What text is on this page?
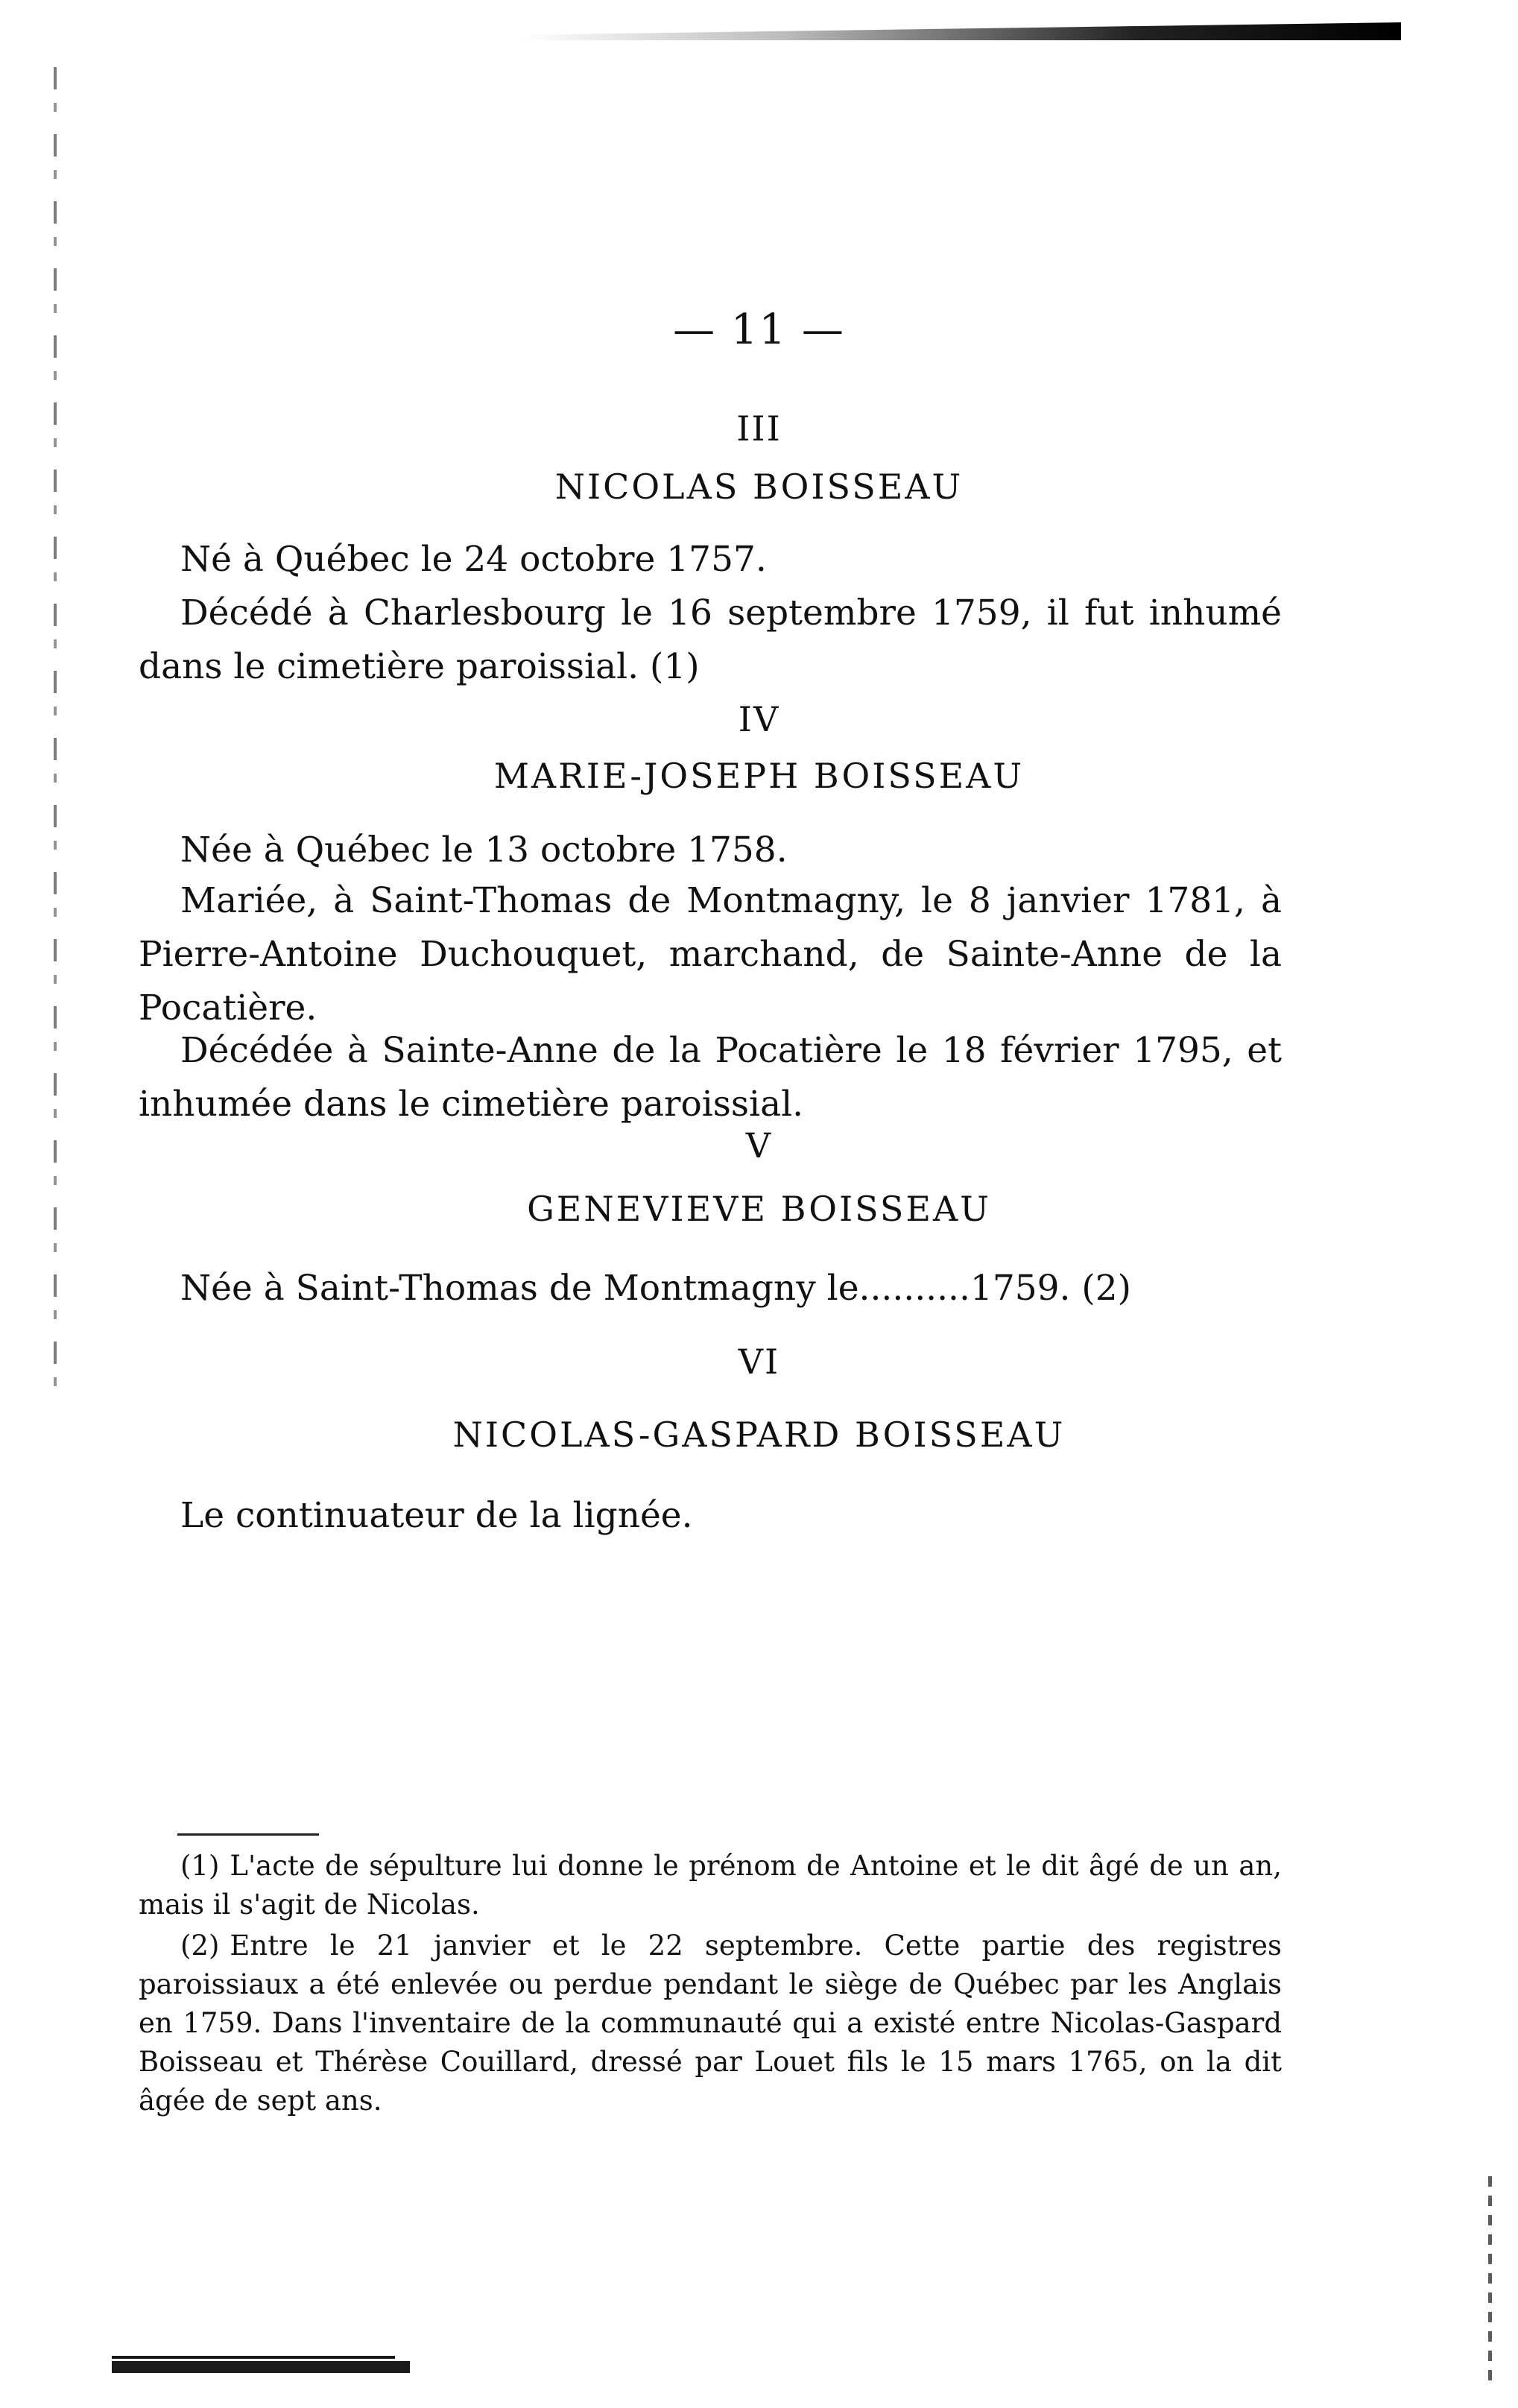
— 11 —
III
NICOLAS BOISSEAU

Né à Québec le 24 octobre 1757.

Décédé à Charlesbourg le 16 septembre 1759, il fut inhumé dans le cimetière paroissial. (1)

IV
MARIE-JOSEPH BOISSEAU

Née à Québec le 13 octobre 1758.

Mariée, à Saint-Thomas de Montmagny, le 8 janvier 1781, à Pierre-Antoine Duchouquet, marchand, de Sainte-Anne de la Pocatière.

Décédée à Sainte-Anne de la Pocatière le 18 février 1795, et inhumée dans le cimetière paroissial.

V
GENEVIEVE BOISSEAU

Née à Saint-Thomas de Montmagny le..........1759. (2)

VI
NICOLAS-GASPARD BOISSEAU

Le continuateur de la lignée.

(1) L'acte de sépulture lui donne le prénom de Antoine et le dit âgé de un an, mais il s'agit de Nicolas.

(2) Entre le 21 janvier et le 22 septembre. Cette partie des registres paroissiaux a été enlevée ou perdue pendant le siège de Québec par les Anglais en 1759. Dans l'inventaire de la communauté qui a existé entre Nicolas-Gaspard Boisseau et Thérèse Couillard, dressé par Louet fils le 15 mars 1765, on la dit âgée de sept ans.
